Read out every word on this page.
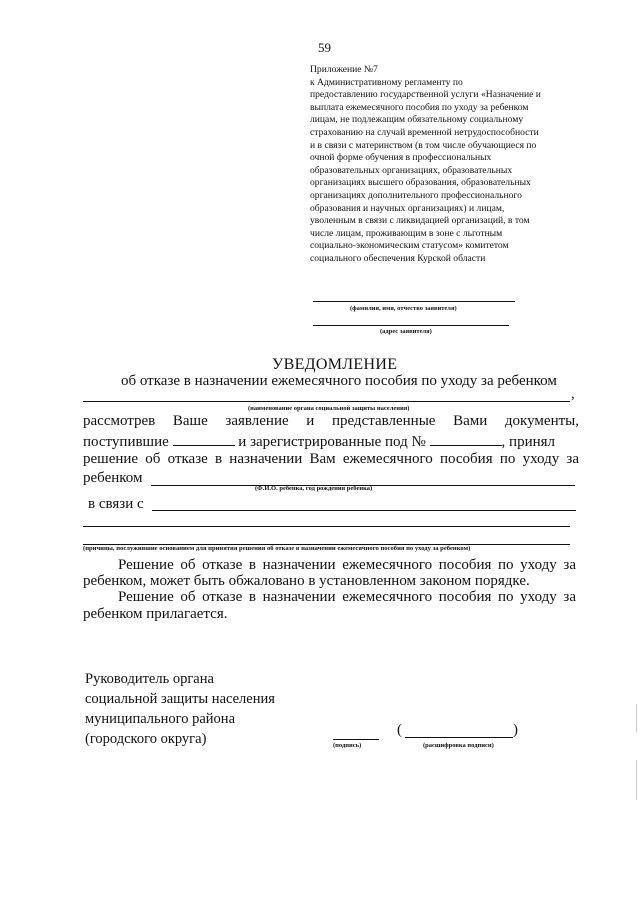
59
Приложение №7
к Административному регламенту по
предоставлению государственной услуги «Назначение и
выплата ежемесячного пособия по уходу за ребенком
лицам, не подлежащим обязательному социальному
страхованию на случай временной нетрудоспособности
и в связи с материнством (в том числе обучающиеся по
очной форме обучения в профессиональных
образовательных организациях, образовательных
организациях высшего образования, образовательных
организациях дополнительного профессионального
образования и научных организациях) и лицам,
уволенным в связи с ликвидацией организаций, в том
числе лицам, проживающим в зоне с льготным
социально-экономическим статусом» комитетом
социального обеспечения Курской области
(фамилия, имя, отчество заявителя)
(адрес заявителя)
УВЕДОМЛЕНИЕ
об отказе в назначении ежемесячного пособия по уходу за ребенком
,
(наименование органа социальной защиты населения)
рассмотрев Ваше заявление и представленные Вами документы,
поступившие	и зарегистрированные под №	, принял
решение об отказе в назначении Вам ежемесячного пособия по уходу за
ребенком
(Ф.И.О. ребенка, год рождения ребенка)
в связи с
(причины, послужившие основанием для принятия решения об отказе в назначении ежемесячного пособия по уходу за ребенком)
Решение об отказе в назначении ежемесячного пособия по уходу за
ребенком, может быть обжаловано в установленном законом порядке.
Решение об отказе в назначении ежемесячного пособия по уходу за
ребенком прилагается.
Руководитель органа
социальной защиты населения
муниципального района
(городского округа)
(	)
(подпись)	(расшифровка подписи)
